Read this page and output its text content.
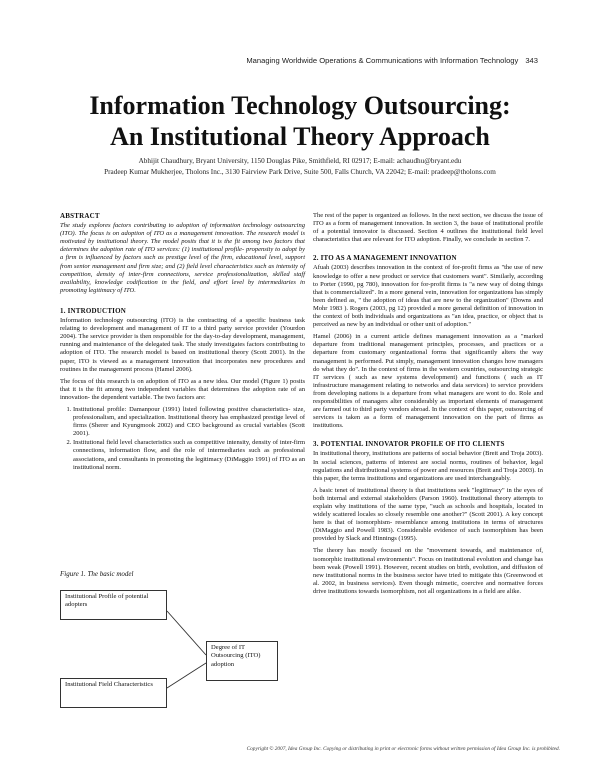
Managing Worldwide Operations & Communications with Information Technology 343
Information Technology Outsourcing:
An Institutional Theory Approach
Abhijit Chaudhury, Bryant University, 1150 Douglas Pike, Smithfield, RI 02917; E-mail: achaudhu@bryant.edu
Pradeep Kumar Mukherjee, Tholons Inc., 3130 Fairview Park Drive, Suite 500, Falls Church, VA 22042; E-mail: pradeep@tholons.com
ABSTRACT

The study explores factors contributing to adoption of information technology outsourcing (ITO). The focus is on adoption of ITO as a management innovation. The research model is motivated by institutional theory. The model posits that it is the fit among two factors that determines the adoption rate of ITO services: (1) institutional profile- propensity to adopt by a firm is influenced by factors such as prestige level of the firm, educational level, support from senior management and firm size; and (2) field level characteristics such as intensity of competition, density of inter-firm connections, service professionalization, skilled staff availability, knowledge codification in the field, and effort level by intermediaries in promoting legitimacy of ITO.

1. INTRODUCTION

Information technology outsourcing (ITO) is the contracting of a specific business task relating to development and management of IT to a third party service provider (Yourdon 2004). The service provider is then responsible for the day-to-day development, management, running and maintenance of the delegated task. The study investigates factors contributing to adoption of ITO. The research model is based on institutional theory (Scott 2001). In the paper, ITO is viewed as a management innovation that incorporates new procedures and routines in the management process (Hamel 2006).

The focus of this research is on adoption of ITO as a new idea. Our model (Figure 1) posits that it is the fit among two independent variables that determines the adoption rate of an innovation- the dependent variable. The two factors are:

1. Institutional profile: Damanpour (1991) listed following positive characteristics- size, professionalism, and specialization. Institutional theory has emphasized prestige level of firms (Sherer and Kyungmook 2002) and CEO background as crucial variables (Scott 2001).
2. Institutional field level characteristics such as competitive intensity, density of inter-firm connections, information flow, and the role of intermediaries such as professional associations, and consultants in promoting the legitimacy (DiMaggio 1991) of ITO as an institutional norm.
Figure 1. The basic model
Institutional Profile of potential adopters
Degree of IT Outsourcing (ITO) adoption
Institutional Field Characteristics

The rest of the paper is organized as follows. In the next section, we discuss the issue of ITO as a form of management innovation. In section 3, the issue of institutional profile of a potential innovator is discussed. Section 4 outlines the institutional field level characteristics that are relevant for ITO adoption. Finally, we conclude in section 7.

2. ITO AS A MANAGEMENT INNOVATION

Afuah (2003) describes innovation in the context of for-profit firms as "the use of new knowledge to offer a new product or service that customers want". Similarly, according to Porter (1990, pg 780), innovation for for-profit firms is "a new way of doing things that is commercialized". In a more general vein, innovation for organizations has simply been defined as, " the adoption of ideas that are new to the organization" (Downs and Mohr 1983 ). Rogers (2003, pg 12) provided a more general definition of innovation in the context of both individuals and organizations as "an idea, practice, or object that is perceived as new by an individual or other unit of adoption."

Hamel (2006) in a current article defines management innovation as a "marked departure from traditional management principles, processes, and practices or a departure from customary organizational forms that significantly alters the way management is performed. Put simply, management innovation changes how managers do what they do". In the context of firms in the western countries, outsourcing strategic IT services ( such as new systems development) and functions ( such as IT infrastructure management relating to networks and data services) to service providers from developing nations is a departure from what managers are wont to do. Role and responsibilities of managers alter considerably as important elements of management are farmed out to third party vendors abroad. In the context of this paper, outsourcing of services is taken as a form of management innovation on the part of firms as institutions.

3. POTENTIAL INNOVATOR PROFILE OF ITO CLIENTS

In institutional theory, institutions are patterns of social behavior (Breit and Troja 2003). In social sciences, patterns of interest are social norms, routines of behavior, legal regulations and distributional systems of power and resources (Breit and Troja 2003). In this paper, the terms institutions and organizations are used interchangeably.

A basic tenet of institutional theory is that institutions seek "legitimacy" in the eyes of both internal and external stakeholders (Parson 1960). Institutional theory attempts to explain why institutions of the same type, "such as schools and hospitals, located in widely scattered locales so closely resemble one another?" (Scott 2001). A key concept here is that of isomorphism- resemblance among institutions in terms of structures (DiMaggio and Powell 1983). Considerable evidence of such isomorphism has been provided by Slack and Hinnings (1995).

The theory has mostly focused on the "movement towards, and maintenance of, isomorphic institutional environments". Focus on institutional evolution and change has been weak (Powell 1991). However, recent studies on birth, evolution, and diffusion of new institutional norms in the business sector have tried to mitigate this (Greenwood et al. 2002, in business services). Even though mimetic, coercive and normative forces drive institutions towards isomorphism, not all organizations in a field are alike.

Copyright © 2007, Idea Group Inc. Copying or distributing in print or electronic forms without written permission of Idea Group Inc. is prohibited.
